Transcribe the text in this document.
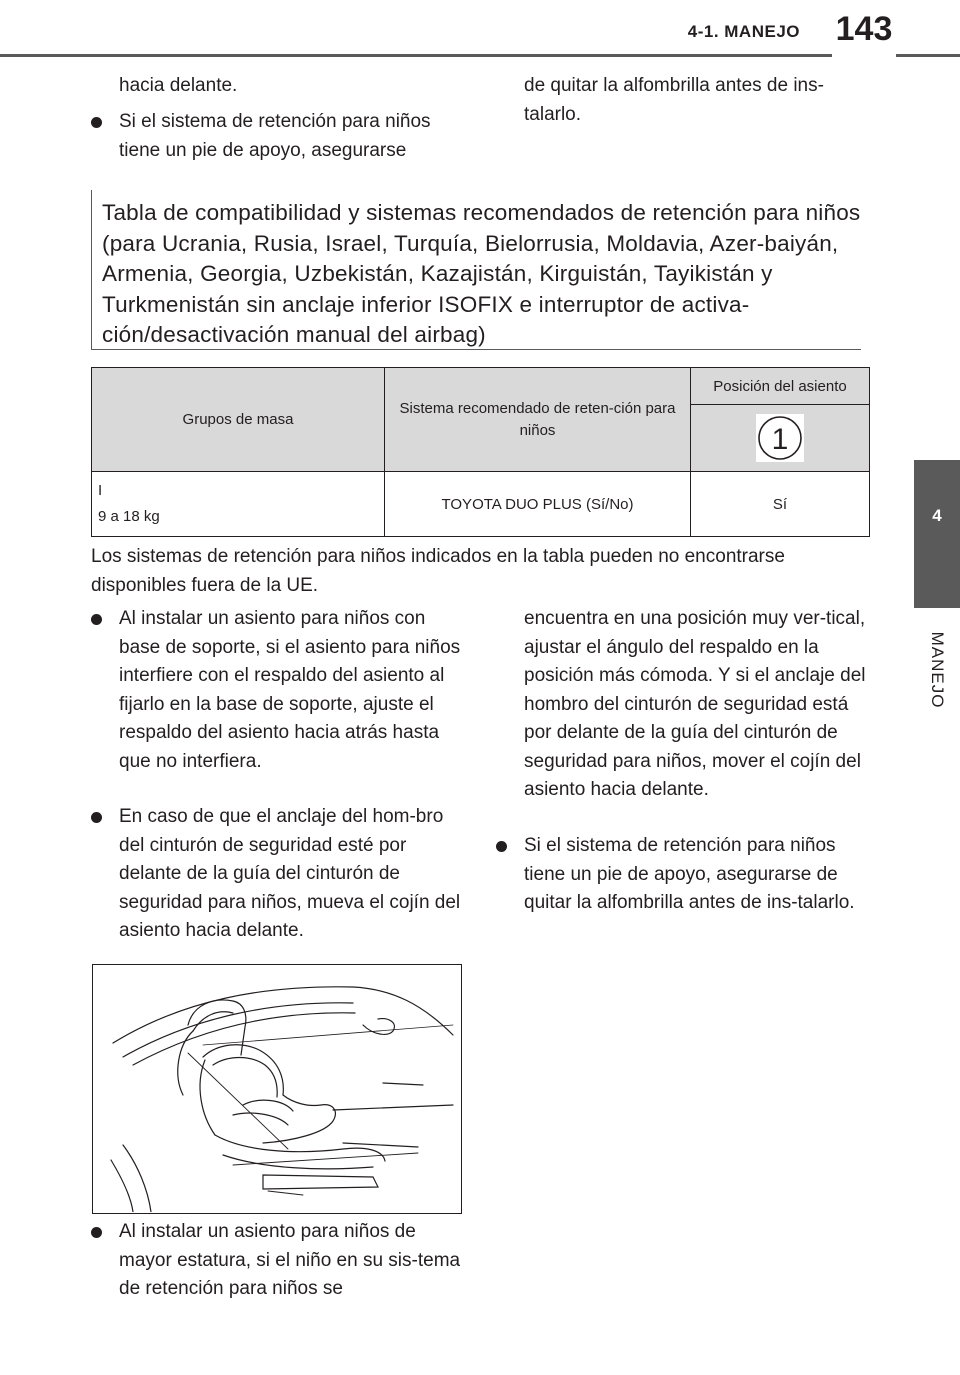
4-1. MANEJO 143
4
MANEJO
hacia delante.
Si el sistema de retención para niños tiene un pie de apoyo, asegurarse
de quitar la alfombrilla antes de ins-talarlo.

Tabla de compatibilidad y sistemas recomendados de retención para niños (para Ucrania, Rusia, Israel, Turquía, Bielorrusia, Moldavia, Azer-baiyán, Armenia, Georgia, Uzbekistán, Kazajistán, Kirguistán, Tayikistán y Turkmenistán sin anclaje inferior ISOFIX e interruptor de activa-ción/desactivación manual del airbag)

Grupos de masa	Sistema recomendado de reten-ción para niños	Posición del asiento

1

I
9 a 18 kg	TOYOTA DUO PLUS (Sí/No)	Sí

Los sistemas de retención para niños indicados en la tabla pueden no encontrarse disponibles fuera de la UE.

Al instalar un asiento para niños con base de soporte, si el asiento para niños interfiere con el respaldo del asiento al fijarlo en la base de soporte, ajuste el respaldo del asiento hacia atrás hasta que no interfiera.
En caso de que el anclaje del hom-bro del cinturón de seguridad esté por delante de la guía del cinturón de seguridad para niños, mueva el cojín del asiento hacia delante.
Al instalar un asiento para niños de mayor estatura, si el niño en su sis-tema de retención para niños se
encuentra en una posición muy ver-tical, ajustar el ángulo del respaldo en la posición más cómoda. Y si el anclaje del hombro del cinturón de seguridad está por delante de la guía del cinturón de seguridad para niños, mover el cojín del asiento hacia delante.
Si el sistema de retención para niños tiene un pie de apoyo, asegurarse de quitar la alfombrilla antes de ins-talarlo.
